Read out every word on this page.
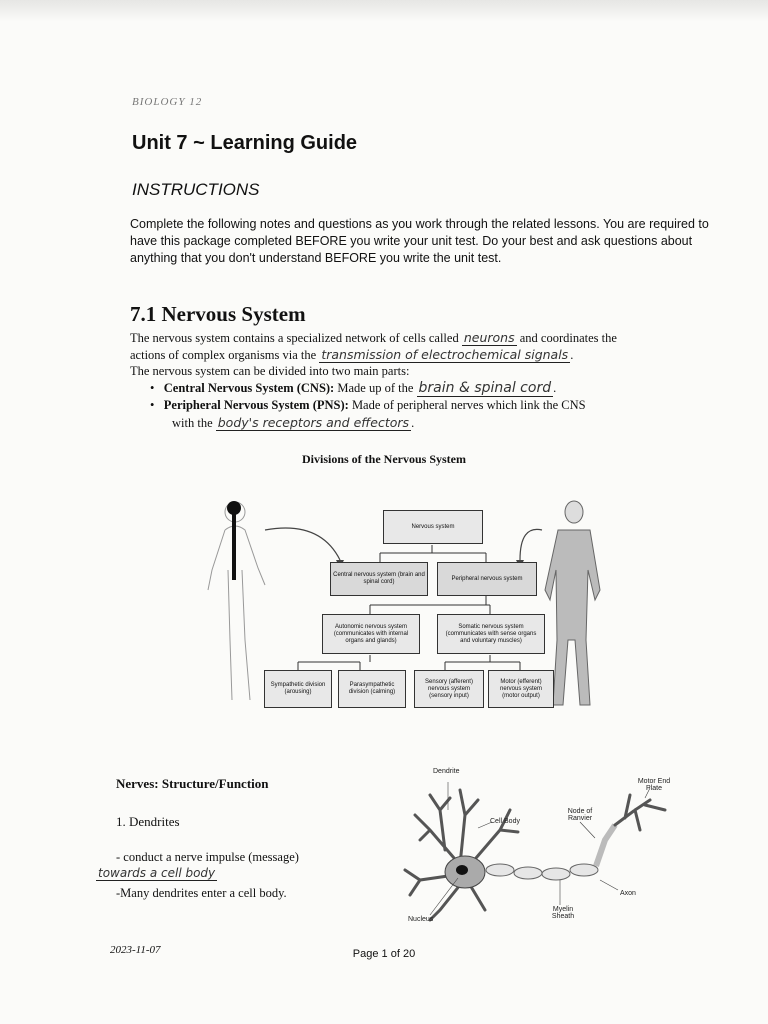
BIOLOGY 12
Unit 7 ~ Learning Guide
INSTRUCTIONS
Complete the following notes and questions as you work through the related lessons. You are required to have this package completed BEFORE you write your unit test. Do your best and ask questions about anything that you don't understand BEFORE you write the unit test.
7.1 Nervous System
The nervous system contains a specialized network of cells called neurons and coordinates the
actions of complex organisms via the transmission of electrochemical signals .
The nervous system can be divided into two main parts:
•   Central Nervous System (CNS): Made up of the brain & spinal cord .
•   Peripheral Nervous System (PNS): Made of peripheral nerves which link the CNS
with the body's receptors and effectors .
Divisions of the Nervous System
Nervous system
Central nervous system (brain and spinal cord)
Peripheral nervous system
Autonomic nervous system (communicates with internal organs and glands)
Somatic nervous system (communicates with sense organs and voluntary muscles)
Sympathetic division (arousing)
Parasympathetic division (calming)
Sensory (afferent) nervous system (sensory input)
Motor (efferent) nervous system (motor output)
Nerves: Structure/Function
1. Dendrites
- conduct a nerve impulse (message)
towards a cell body
-Many dendrites enter a cell body.
Dendrite
Cell Body
Node of Ranvier
Motor End Plate
Axon
Myelin Sheath
Nucleus
2023-11-07	Page 1 of 20
